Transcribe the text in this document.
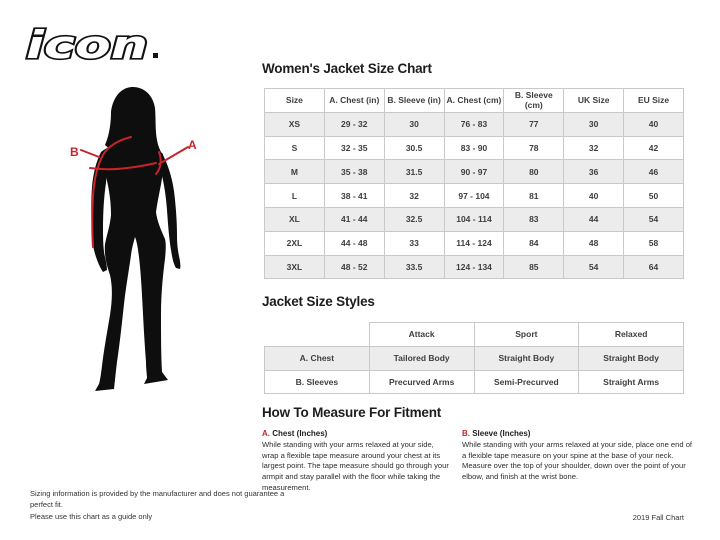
icon
A
B
Women's Jacket Size Chart
Size	A. Chest (in)	B. Sleeve (in)	A. Chest (cm)	B. Sleeve (cm)	UK Size	EU Size
XS	29 - 32	30	76 - 83	77	30	40
S	32 - 35	30.5	83 - 90	78	32	42
M	35 - 38	31.5	90 - 97	80	36	46
L	38 - 41	32	97 - 104	81	40	50
XL	41 - 44	32.5	104 - 114	83	44	54
2XL	44 - 48	33	114 - 124	84	48	58
3XL	48 - 52	33.5	124 - 134	85	54	64
Jacket Size Styles
	Attack	Sport	Relaxed
A. Chest	Tailored Body	Straight Body	Straight Body
B. Sleeves	Precurved Arms	Semi-Precurved	Straight Arms
How To Measure For Fitment
A. Chest (Inches)
While standing with your arms relaxed at your side, wrap a flexible tape measure around your chest at its largest point. The tape measure should go through your armpit and stay parallel with the floor while taking the measurement.
B. Sleeve (Inches)
While standing with your arms relaxed at your side, place one end of a flexible tape measure on your spine at the base of your neck. Measure over the top of your shoulder, down over the point of your elbow, and finish at the wrist bone.
Sizing information is provided by the manufacturer and does not guarantee a perfect fit.
Please use this chart as a guide only	2019 Fall Chart
